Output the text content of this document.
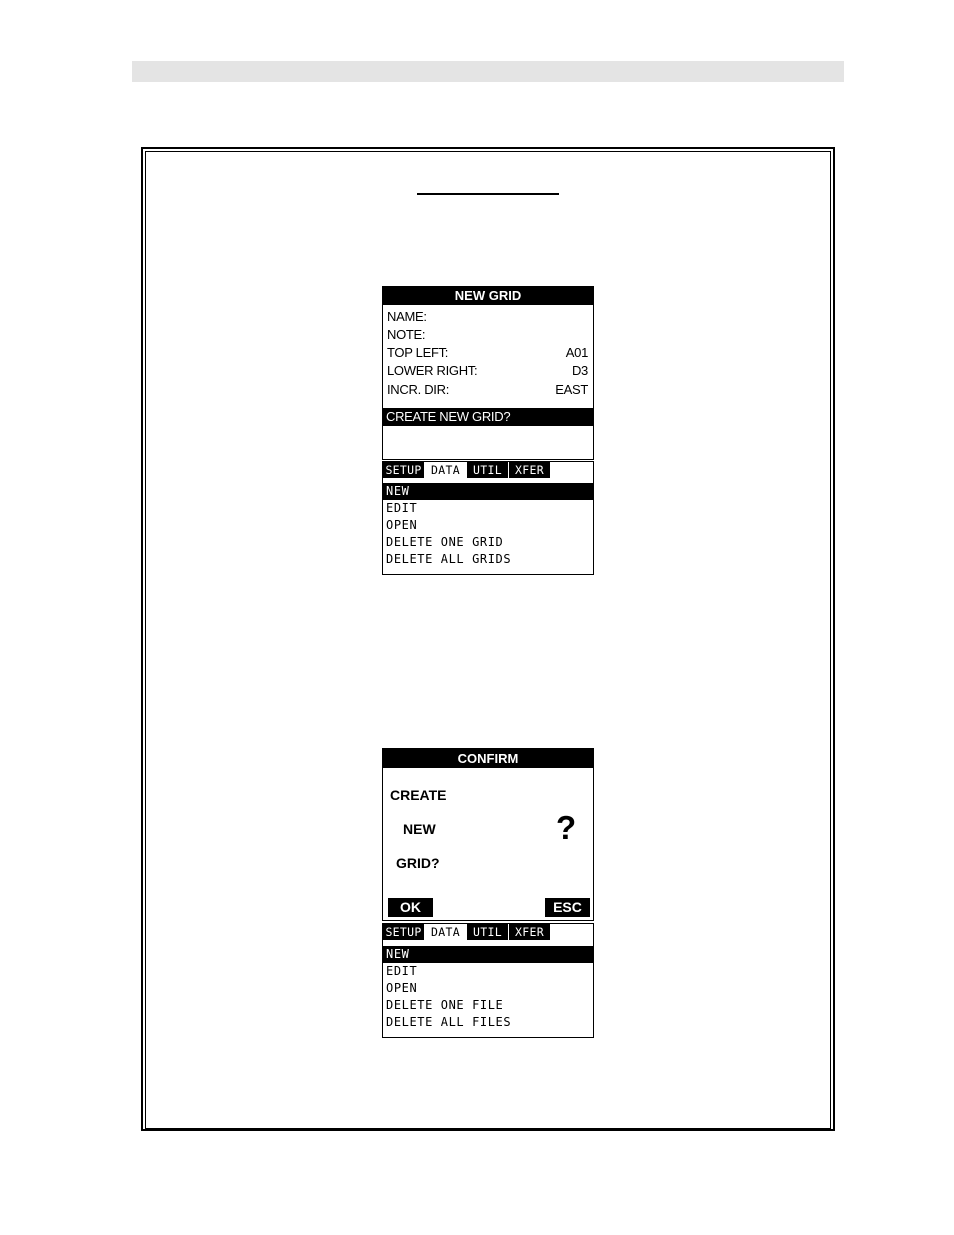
NEW GRID
NAME:
NOTE:
TOP LEFT:	A01
LOWER RIGHT:	D3
INCR. DIR:	EAST
CREATE NEW GRID?
SETUP DATA	UTIL	XFER
NEW
EDIT
OPEN
DELETE ONE GRID
DELETE ALL GRIDS
CONFIRM
CREATE
NEW
GRID?
?
OK	ESC
SETUP DATA	UTIL	XFER
NEW
EDIT
OPEN
DELETE ONE FILE
DELETE ALL FILES
